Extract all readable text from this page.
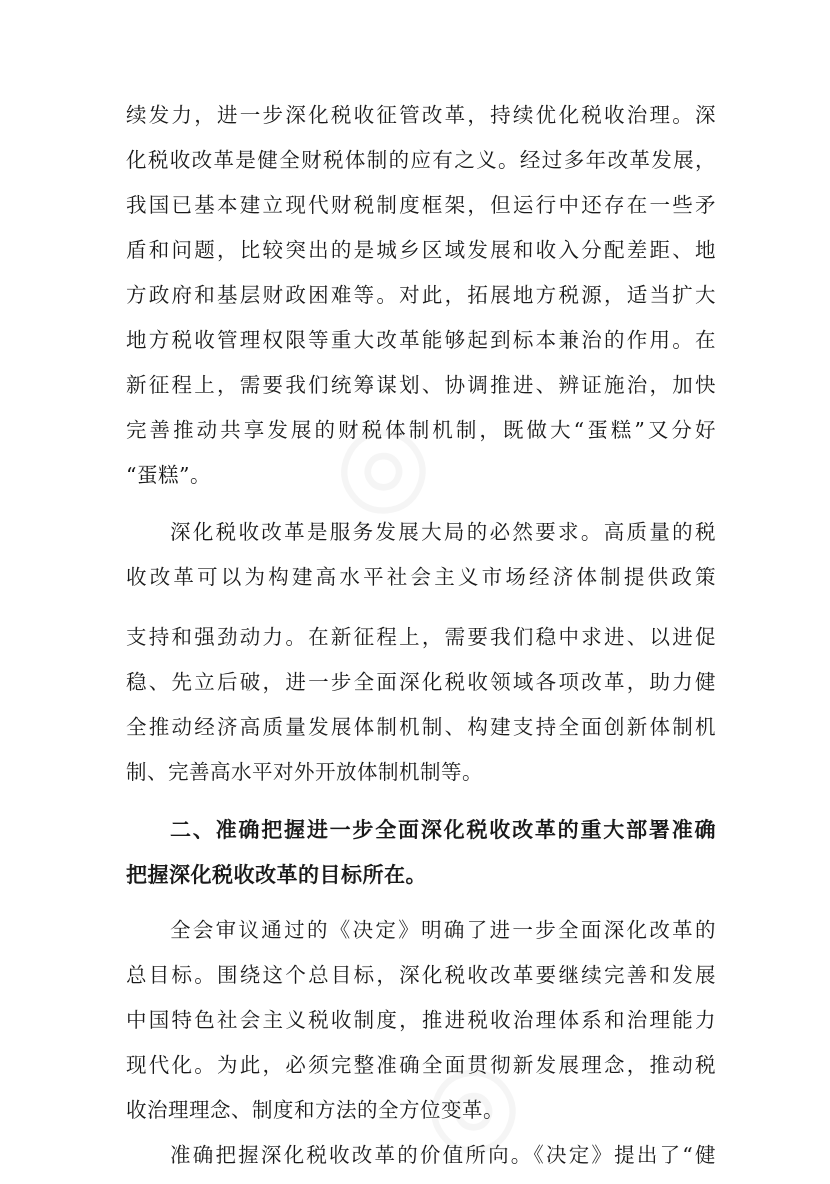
◎
◎
续发力，进一步深化税收征管改革，持续优化税收治理。深
化税收改革是健全财税体制的应有之义。经过多年改革发展，
我国已基本建立现代财税制度框架，但运行中还存在一些矛
盾和问题，比较突出的是城乡区域发展和收入分配差距、地
方政府和基层财政困难等。对此，拓展地方税源，适当扩大
地方税收管理权限等重大改革能够起到标本兼治的作用。在
新征程上，需要我们统筹谋划、协调推进、辨证施治，加快
完善推动共享发展的财税体制机制，既做大“蛋糕”又分好
“蛋糕”。
深化税收改革是服务发展大局的必然要求。高质量的税
收改革可以为构建高水平社会主义市场经济体制提供政策
支持和强劲动力。在新征程上，需要我们稳中求进、以进促
稳、先立后破，进一步全面深化税收领域各项改革，助力健
全推动经济高质量发展体制机制、构建支持全面创新体制机
制、完善高水平对外开放体制机制等。
二、准确把握进一步全面深化税收改革的重大部署准确
把握深化税收改革的目标所在。
全会审议通过的《决定》明确了进一步全面深化改革的
总目标。围绕这个总目标，深化税收改革要继续完善和发展
中国特色社会主义税收制度，推进税收治理体系和治理能力
现代化。为此，必须完整准确全面贯彻新发展理念，推动税
收治理理念、制度和方法的全方位变革。
准确把握深化税收改革的价值所向。《决定》提出了“健
